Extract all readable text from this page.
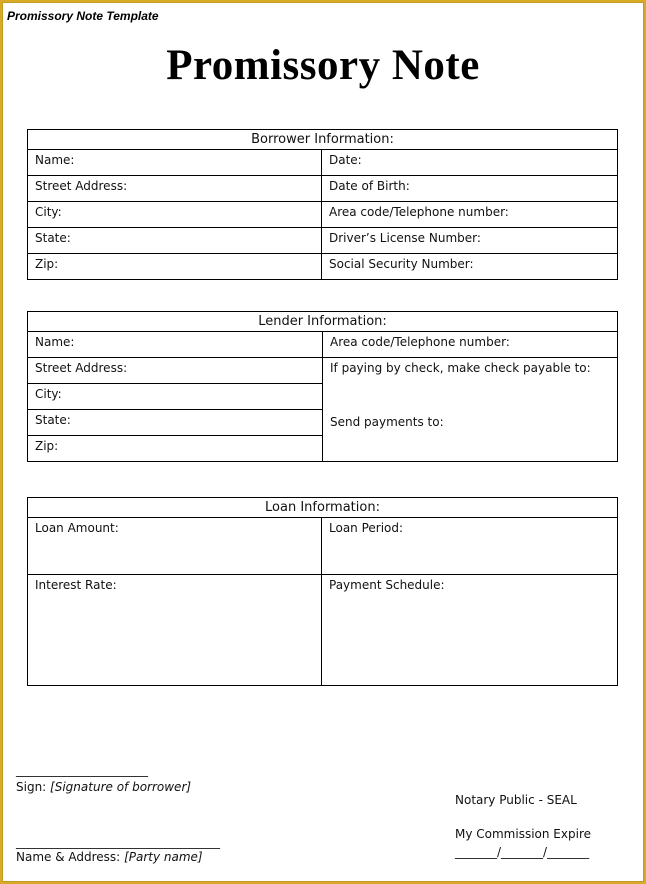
Promissory Note Template
Promissory Note
Borrower Information:	
Name:	Date:
Street Address:	Date of Birth:
City:	Area code/Telephone number:
State:	Driver’s License Number:
Zip:	Social Security Number:
Lender Information:	
Name:	Area code/Telephone number:
Street Address:	If paying by check, make check payable to:
Send payments to:

City:	
State:	
Zip:	
Loan Information:	
Loan Amount:	Loan Period:
Interest Rate:	Payment Schedule:
______________________
Sign: [Signature of borrower]
__________________________________
Name & Address: [Party name]
Notary Public - SEAL
My Commission Expire
_______/_______/_______
